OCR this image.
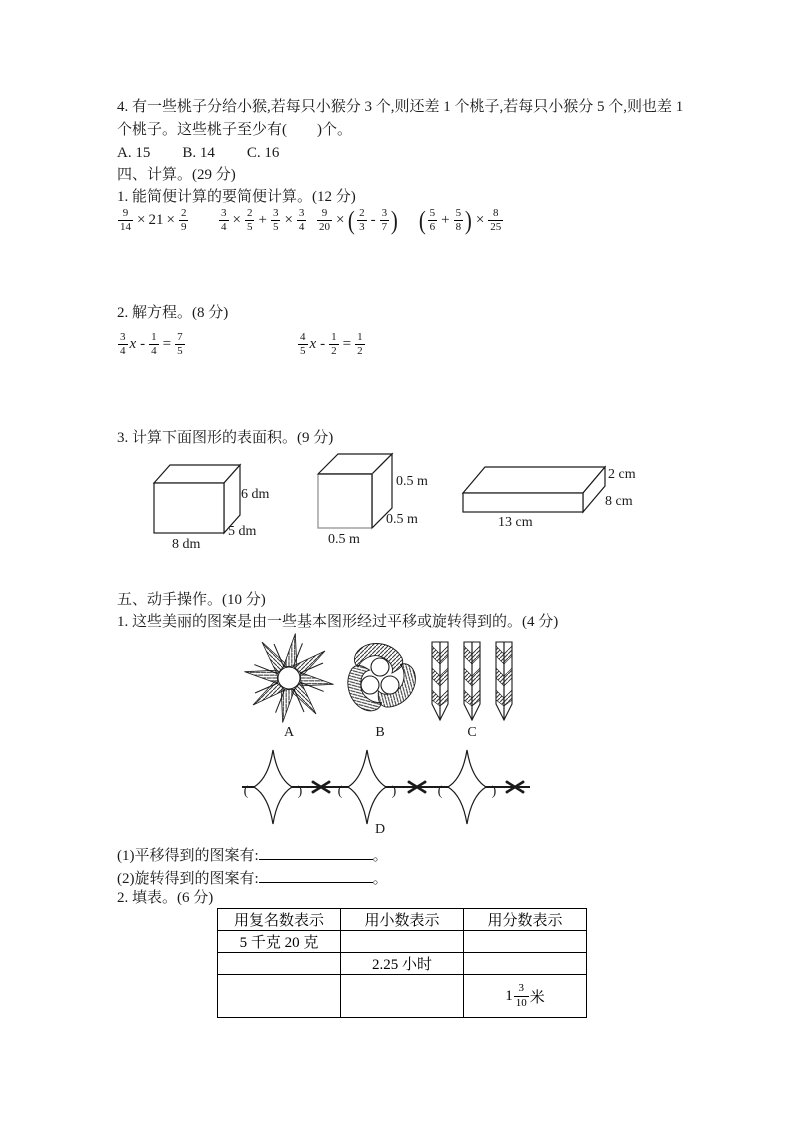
4. 有一些桃子分给小猴,若每只小猴分 3 个,则还差 1 个桃子,若每只小猴分 5 个,则也差 1
个桃子。这些桃子至少有(　　)个。
A. 15 B. 14 C. 16
四、计算。(29 分)
1. 能简便计算的要简便计算。(12 分)
$\frac{9}{14} \times 21 \times \frac{2}{9}$	$\frac{3}{4} \times \frac{2}{5} + \frac{3}{5} \times \frac{3}{4} \frac{9}{20}$ × ( $\frac{2}{3} - \frac{3}{7}$ ) ( $\frac{5}{6} + \frac{5}{8}$ ) × $\frac{8}{25}$
2. 解方程。(8 分)
$\frac{3}{4}$ $x - \frac{1}{4} = \frac{7}{5}$	$\frac{4}{5}$ $x - \frac{1}{2} = \frac{1}{2}$
3. 计算下面图形的表面积。(9 分)
6 dm
5 dm
8 dm
0.5 m
0.5 m
0.5 m
2 cm
8 cm
13 cm
五、动手操作。(10 分)
1. 这些美丽的图案是由一些基本图形经过平移或旋转得到的。(4 分)
A	B	C
(	)	(	)	(	)
D
(1)平移得到的图案有:	。
(2)旋转得到的图案有:	。
2. 填表。(6 分)
用复名数表示	用小数表示	用分数表示
5 千克 20 克		
	2.25 小时	

		$1 \frac{3}{10}$ 米
